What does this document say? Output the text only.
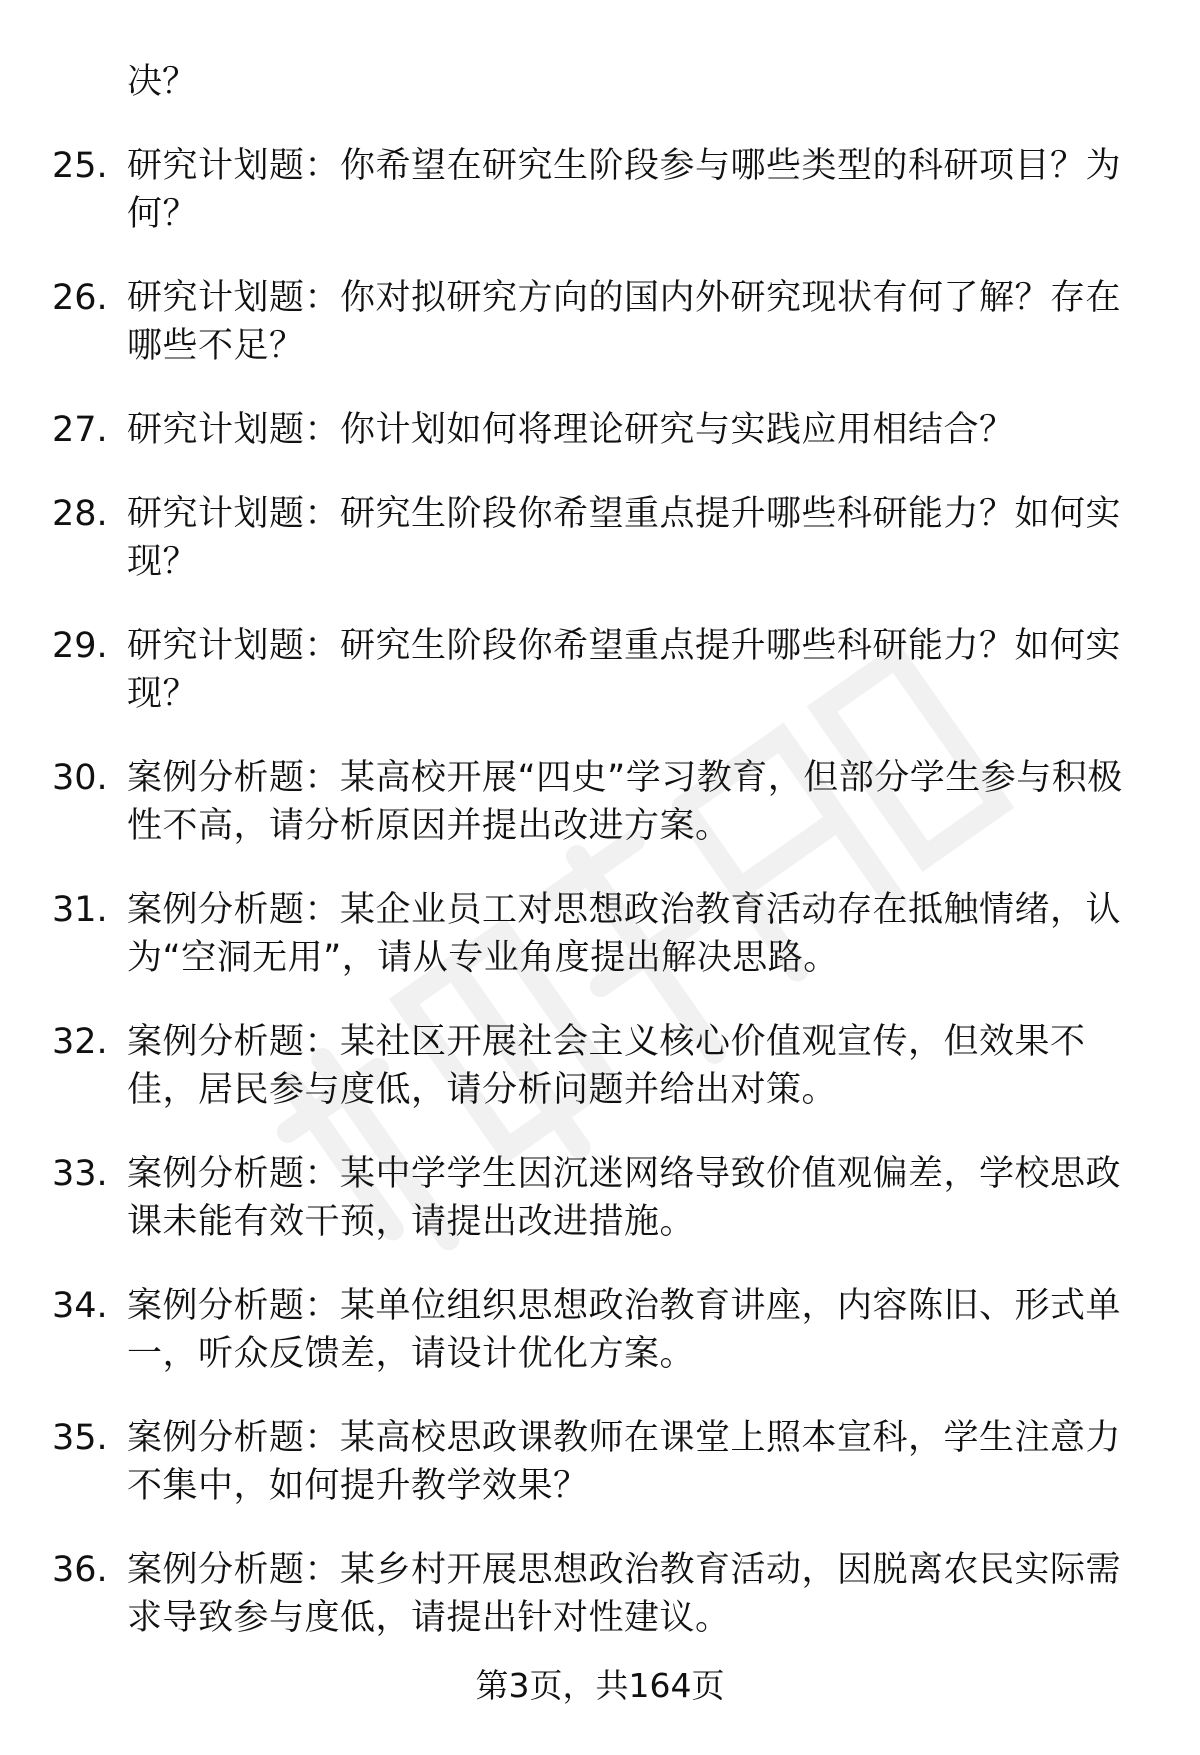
决？
25. 研究计划题：你希望在研究生阶段参与哪些类型的科研项目？为何？
26. 研究计划题：你对拟研究方向的国内外研究现状有何了解？存在哪些不足？
27. 研究计划题：你计划如何将理论研究与实践应用相结合？
28. 研究计划题：研究生阶段你希望重点提升哪些科研能力？如何实现？
29. 研究计划题：研究生阶段你希望重点提升哪些科研能力？如何实现？
30. 案例分析题：某高校开展“四史”学习教育，但部分学生参与积极性不高，请分析原因并提出改进方案。
31. 案例分析题：某企业员工对思想政治教育活动存在抵触情绪，认为“空洞无用”，请从专业角度提出解决思路。
32. 案例分析题：某社区开展社会主义核心价值观宣传，但效果不佳，居民参与度低，请分析问题并给出对策。
33. 案例分析题：某中学学生因沉迷网络导致价值观偏差，学校思政课未能有效干预，请提出改进措施。
34. 案例分析题：某单位组织思想政治教育讲座，内容陈旧、形式单一，听众反馈差，请设计优化方案。
35. 案例分析题：某高校思政课教师在课堂上照本宣科，学生注意力不集中，如何提升教学效果？
36. 案例分析题：某乡村开展思想政治教育活动，因脱离农民实际需求导致参与度低，请提出针对性建议。
第3页，共164页
